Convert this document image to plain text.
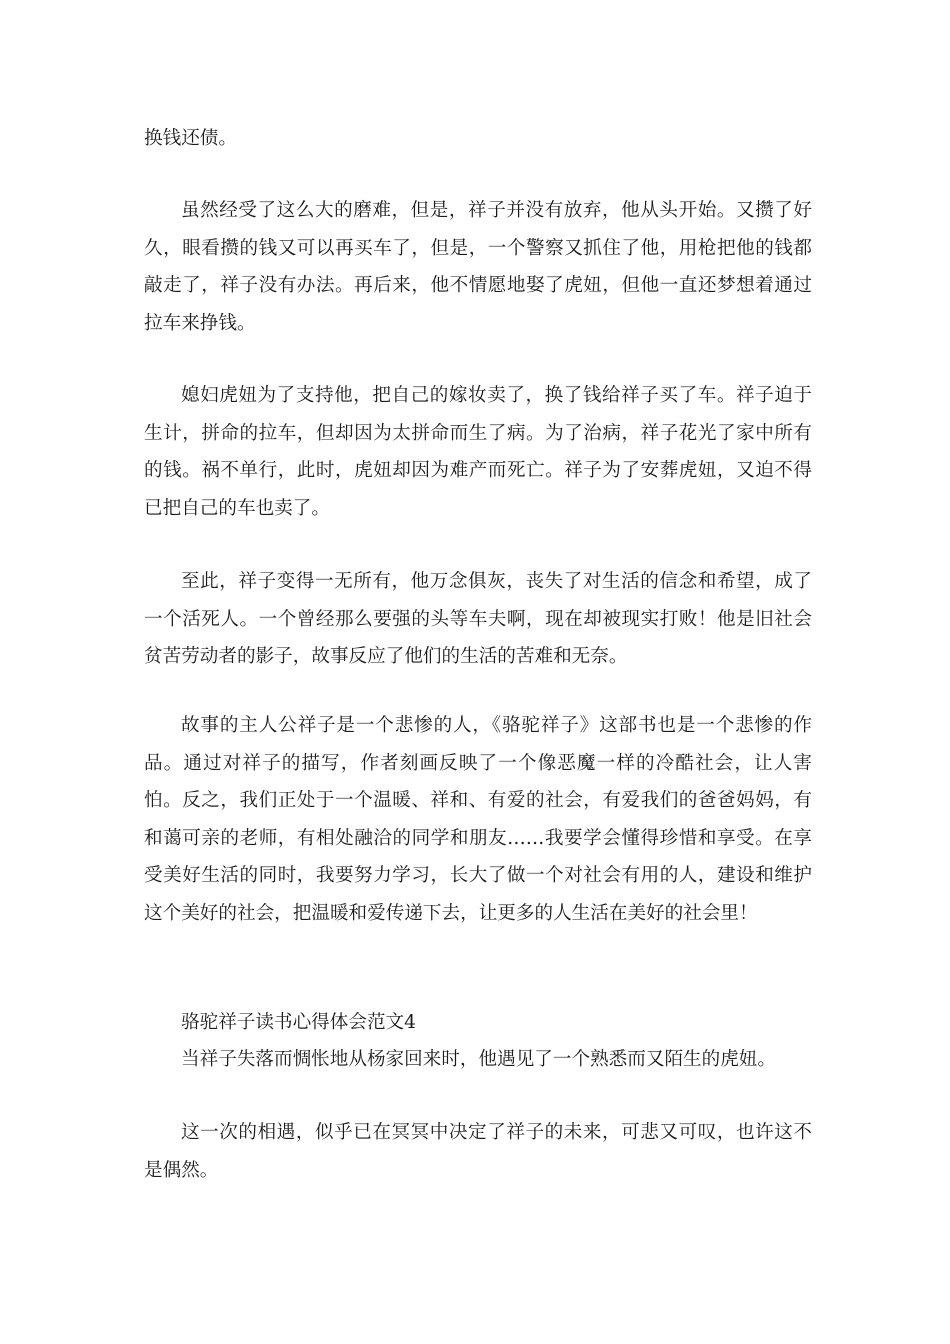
换钱还债。

虽然经受了这么大的磨难，但是，祥子并没有放弃，他从头开始。又攒了好久，眼看攒的钱又可以再买车了，但是，一个警察又抓住了他，用枪把他的钱都敲走了，祥子没有办法。再后来，他不情愿地娶了虎妞，但他一直还梦想着通过拉车来挣钱。

媳妇虎妞为了支持他，把自己的嫁妆卖了，换了钱给祥子买了车。祥子迫于生计，拼命的拉车，但却因为太拼命而生了病。为了治病，祥子花光了家中所有的钱。祸不单行，此时，虎妞却因为难产而死亡。祥子为了安葬虎妞，又迫不得已把自己的车也卖了。

至此，祥子变得一无所有，他万念俱灰，丧失了对生活的信念和希望，成了一个活死人。一个曾经那么要强的头等车夫啊，现在却被现实打败！他是旧社会贫苦劳动者的影子，故事反应了他们的生活的苦难和无奈。

故事的主人公祥子是一个悲惨的人，《骆驼祥子》这部书也是一个悲惨的作品。通过对祥子的描写，作者刻画反映了一个像恶魔一样的冷酷社会，让人害怕。反之，我们正处于一个温暖、祥和、有爱的社会，有爱我们的爸爸妈妈，有和蔼可亲的老师，有相处融洽的同学和朋友……我要学会懂得珍惜和享受。在享受美好生活的同时，我要努力学习，长大了做一个对社会有用的人，建设和维护这个美好的社会，把温暖和爱传递下去，让更多的人生活在美好的社会里！

骆驼祥子读书心得体会范文4

当祥子失落而惆怅地从杨家回来时，他遇见了一个熟悉而又陌生的虎妞。

这一次的相遇，似乎已在冥冥中决定了祥子的未来，可悲又可叹，也许这不是偶然。
